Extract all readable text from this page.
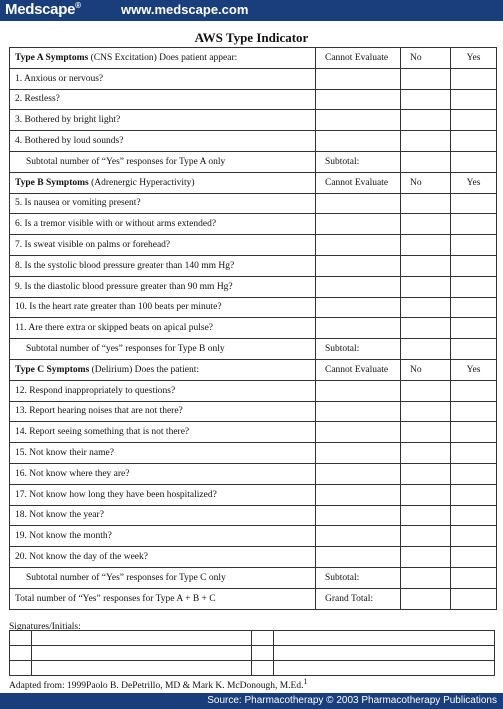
Medscape®	www.medscape.com
AWS Type Indicator
Type A Symptoms (CNS Excitation) Does patient appear:	Cannot Evaluate	No	Yes
1. Anxious or nervous?			
2. Restless?			
3. Bothered by bright light?			
4. Bothered by loud sounds?			
Subtotal number of “Yes” responses for Type A only	Subtotal:		
Type B Symptoms (Adrenergic Hyperactivity)	Cannot Evaluate	No	Yes
5. Is nausea or vomiting present?			
6. Is a tremor visible with or without arms extended?			
7. Is sweat visible on palms or forehead?			
8. Is the systolic blood pressure greater than 140 mm Hg?			
9. Is the diastolic blood pressure greater than 90 mm Hg?			
10. Is the heart rate greater than 100 beats per minute?			
11. Are there extra or skipped beats on apical pulse?			
Subtotal number of “yes” responses for Type B only	Subtotal:		
Type C Symptoms (Delirium) Does the patient:	Cannot Evaluate	No	Yes
12. Respond inappropriately to questions?			
13. Report hearing noises that are not there?			
14. Report seeing something that is not there?			
15. Not know their name?			
16. Not know where they are?			
17. Not know how long they have been hospitalized?			
18. Not know the year?			
19. Not know the month?			
20. Not know the day of the week?			
Subtotal number of “Yes” responses for Type C only	Subtotal:		
Total number of “Yes” responses for Type A + B + C	Grand Total:		
Signatures/Initials:

Adapted from: 1999Paolo B. DePetrillo, MD & Mark K. McDonough, M.Ed.$^1$
Source: Pharmacotherapy © 2003 Pharmacotherapy Publications
